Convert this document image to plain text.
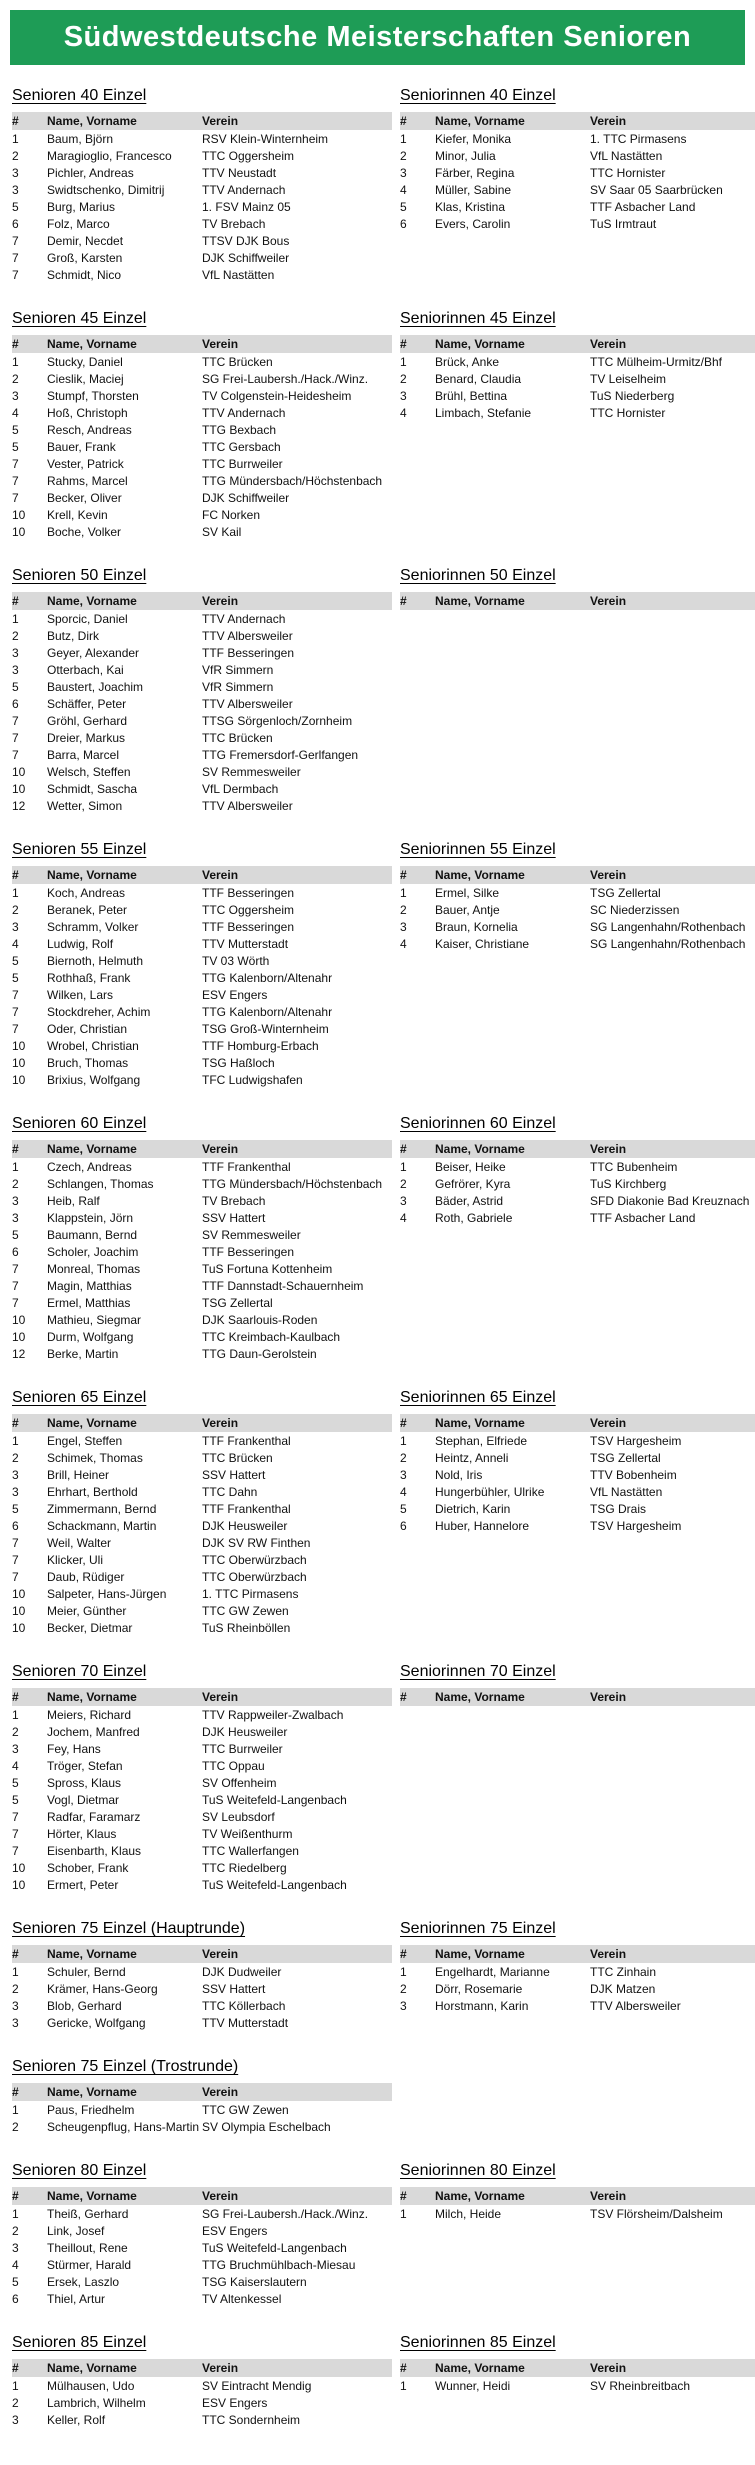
Südwestdeutsche Meisterschaften Senioren
Senioren 40 Einzel
#	Name, Vorname	Verein
1	Baum, Björn	RSV Klein-Winternheim
2	Maragioglio, Francesco	TTC Oggersheim
3	Pichler, Andreas	TTV Neustadt
3	Swidtschenko, Dimitrij	TTV Andernach
5	Burg, Marius	1. FSV Mainz 05
6	Folz, Marco	TV Brebach
7	Demir, Necdet	TTSV DJK Bous
7	Groß, Karsten	DJK Schiffweiler
7	Schmidt, Nico	VfL Nastätten
Seniorinnen 40 Einzel
#	Name, Vorname	Verein
1	Kiefer, Monika	1. TTC Pirmasens
2	Minor, Julia	VfL Nastätten
3	Färber, Regina	TTC Hornister
4	Müller, Sabine	SV Saar 05 Saarbrücken
5	Klas, Kristina	TTF Asbacher Land
6	Evers, Carolin	TuS Irmtraut
Senioren 45 Einzel
#	Name, Vorname	Verein
1	Stucky, Daniel	TTC Brücken
2	Cieslik, Maciej	SG Frei-Laubersh./Hack./Winz.
3	Stumpf, Thorsten	TV Colgenstein-Heidesheim
4	Hoß, Christoph	TTV Andernach
5	Resch, Andreas	TTG Bexbach
5	Bauer, Frank	TTC Gersbach
7	Vester, Patrick	TTC Burrweiler
7	Rahms, Marcel	TTG Mündersbach/Höchstenbach
7	Becker, Oliver	DJK Schiffweiler
10	Krell, Kevin	FC Norken
10	Boche, Volker	SV Kail
Seniorinnen 45 Einzel
#	Name, Vorname	Verein
1	Brück, Anke	TTC Mülheim-Urmitz/Bhf
2	Benard, Claudia	TV Leiselheim
3	Brühl, Bettina	TuS Niederberg
4	Limbach, Stefanie	TTC Hornister
Senioren 50 Einzel
#	Name, Vorname	Verein
1	Sporcic, Daniel	TTV Andernach
2	Butz, Dirk	TTV Albersweiler
3	Geyer, Alexander	TTF Besseringen
3	Otterbach, Kai	VfR Simmern
5	Baustert, Joachim	VfR Simmern
6	Schäffer, Peter	TTV Albersweiler
7	Gröhl, Gerhard	TTSG Sörgenloch/Zornheim
7	Dreier, Markus	TTC Brücken
7	Barra, Marcel	TTG Fremersdorf-Gerlfangen
10	Welsch, Steffen	SV Remmesweiler
10	Schmidt, Sascha	VfL Dermbach
12	Wetter, Simon	TTV Albersweiler
Seniorinnen 50 Einzel
#	Name, Vorname	Verein
Senioren 55 Einzel
#	Name, Vorname	Verein
1	Koch, Andreas	TTF Besseringen
2	Beranek, Peter	TTC Oggersheim
3	Schramm, Volker	TTF Besseringen
4	Ludwig, Rolf	TTV Mutterstadt
5	Biernoth, Helmuth	TV 03 Wörth
5	Rothhaß, Frank	TTG Kalenborn/Altenahr
7	Wilken, Lars	ESV Engers
7	Stockdreher, Achim	TTG Kalenborn/Altenahr
7	Oder, Christian	TSG Groß-Winternheim
10	Wrobel, Christian	TTF Homburg-Erbach
10	Bruch, Thomas	TSG Haßloch
10	Brixius, Wolfgang	TFC Ludwigshafen
Seniorinnen 55 Einzel
#	Name, Vorname	Verein
1	Ermel, Silke	TSG Zellertal
2	Bauer, Antje	SC Niederzissen
3	Braun, Kornelia	SG Langenhahn/Rothenbach
4	Kaiser, Christiane	SG Langenhahn/Rothenbach
Senioren 60 Einzel
#	Name, Vorname	Verein
1	Czech, Andreas	TTF Frankenthal
2	Schlangen, Thomas	TTG Mündersbach/Höchstenbach
3	Heib, Ralf	TV Brebach
3	Klappstein, Jörn	SSV Hattert
5	Baumann, Bernd	SV Remmesweiler
6	Scholer, Joachim	TTF Besseringen
7	Monreal, Thomas	TuS Fortuna Kottenheim
7	Magin, Matthias	TTF Dannstadt-Schauernheim
7	Ermel, Matthias	TSG Zellertal
10	Mathieu, Siegmar	DJK Saarlouis-Roden
10	Durm, Wolfgang	TTC Kreimbach-Kaulbach
12	Berke, Martin	TTG Daun-Gerolstein
Seniorinnen 60 Einzel
#	Name, Vorname	Verein
1	Beiser, Heike	TTC Bubenheim
2	Gefrörer, Kyra	TuS Kirchberg
3	Bäder, Astrid	SFD Diakonie Bad Kreuznach
4	Roth, Gabriele	TTF Asbacher Land
Senioren 65 Einzel
#	Name, Vorname	Verein
1	Engel, Steffen	TTF Frankenthal
2	Schimek, Thomas	TTC Brücken
3	Brill, Heiner	SSV Hattert
3	Ehrhart, Berthold	TTC Dahn
5	Zimmermann, Bernd	TTF Frankenthal
6	Schackmann, Martin	DJK Heusweiler
7	Weil, Walter	DJK SV RW Finthen
7	Klicker, Uli	TTC Oberwürzbach
7	Daub, Rüdiger	TTC Oberwürzbach
10	Salpeter, Hans-Jürgen	1. TTC Pirmasens
10	Meier, Günther	TTC GW Zewen
10	Becker, Dietmar	TuS Rheinböllen
Seniorinnen 65 Einzel
#	Name, Vorname	Verein
1	Stephan, Elfriede	TSV Hargesheim
2	Heintz, Anneli	TSG Zellertal
3	Nold, Iris	TTV Bobenheim
4	Hungerbühler, Ulrike	VfL Nastätten
5	Dietrich, Karin	TSG Drais
6	Huber, Hannelore	TSV Hargesheim
Senioren 70 Einzel
#	Name, Vorname	Verein
1	Meiers, Richard	TTV Rappweiler-Zwalbach
2	Jochem, Manfred	DJK Heusweiler
3	Fey, Hans	TTC Burrweiler
4	Tröger, Stefan	TTC Oppau
5	Spross, Klaus	SV Offenheim
5	Vogl, Dietmar	TuS Weitefeld-Langenbach
7	Radfar, Faramarz	SV Leubsdorf
7	Hörter, Klaus	TV Weißenthurm
7	Eisenbarth, Klaus	TTC Wallerfangen
10	Schober, Frank	TTC Riedelberg
10	Ermert, Peter	TuS Weitefeld-Langenbach
Seniorinnen 70 Einzel
#	Name, Vorname	Verein
Senioren 75 Einzel (Hauptrunde)
#	Name, Vorname	Verein
1	Schuler, Bernd	DJK Dudweiler
2	Krämer, Hans-Georg	SSV Hattert
3	Blob, Gerhard	TTC Köllerbach
3	Gericke, Wolfgang	TTV Mutterstadt
Seniorinnen 75 Einzel
#	Name, Vorname	Verein
1	Engelhardt, Marianne	TTC Zinhain
2	Dörr, Rosemarie	DJK Matzen
3	Horstmann, Karin	TTV Albersweiler
Senioren 75 Einzel (Trostrunde)
#	Name, Vorname	Verein
1	Paus, Friedhelm	TTC GW Zewen
2	Scheugenpflug, Hans-Martin	SV Olympia Eschelbach
Senioren 80 Einzel
#	Name, Vorname	Verein
1	Theiß, Gerhard	SG Frei-Laubersh./Hack./Winz.
2	Link, Josef	ESV Engers
3	Theillout, Rene	TuS Weitefeld-Langenbach
4	Stürmer, Harald	TTG Bruchmühlbach-Miesau
5	Ersek, Laszlo	TSG Kaiserslautern
6	Thiel, Artur	TV Altenkessel
Seniorinnen 80 Einzel
#	Name, Vorname	Verein
1	Milch, Heide	TSV Flörsheim/Dalsheim
Senioren 85 Einzel
#	Name, Vorname	Verein
1	Mülhausen, Udo	SV Eintracht Mendig
2	Lambrich, Wilhelm	ESV Engers
3	Keller, Rolf	TTC Sondernheim
Seniorinnen 85 Einzel
#	Name, Vorname	Verein
1	Wunner, Heidi	SV Rheinbreitbach
